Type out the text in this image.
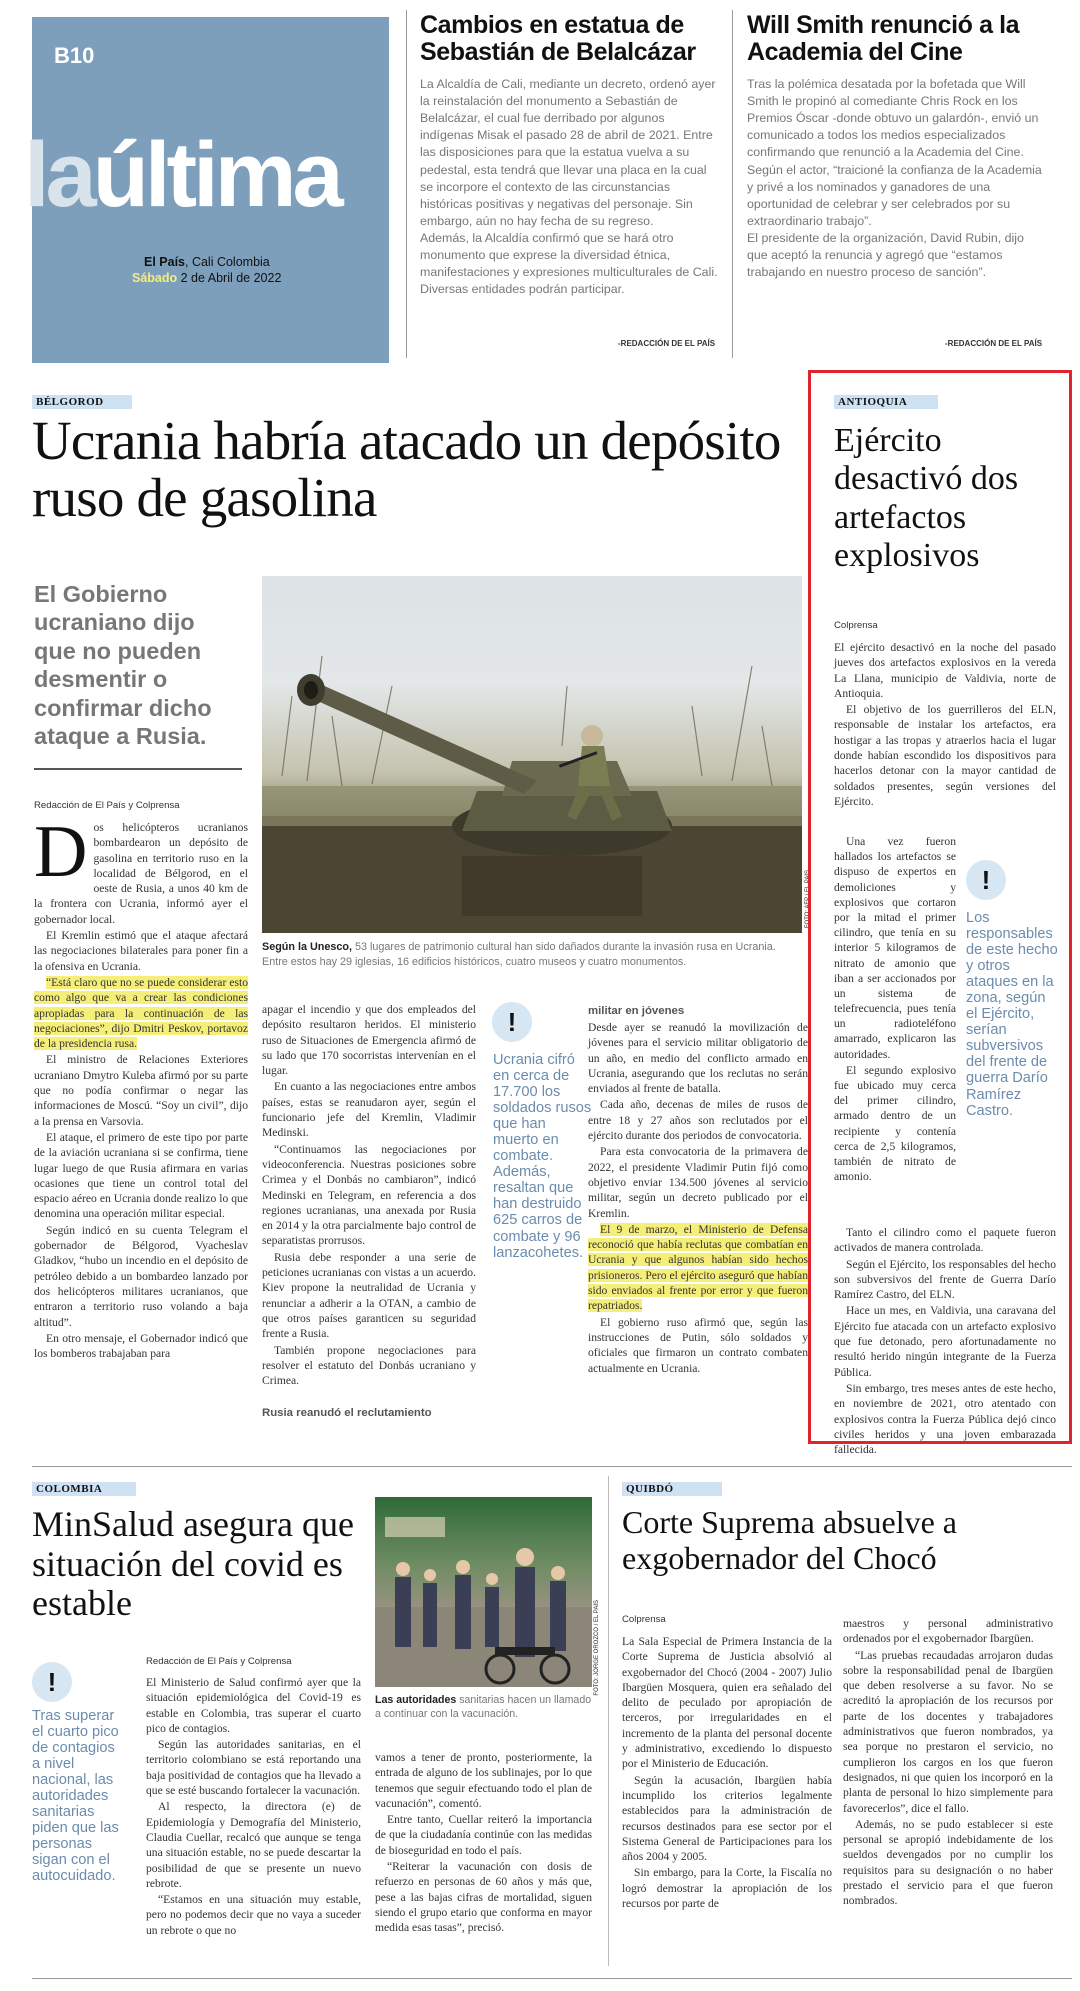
B10
laúltima
El País, Cali Colombia
Sábado 2 de Abril de 2022
Cambios en estatua de Sebastián de Belalcázar

La Alcaldía de Cali, mediante un decreto, ordenó ayer la reinstalación del monumento a Sebastián de Belalcázar, el cual fue derribado por algunos indígenas Misak el pasado 28 de abril de 2021. Entre las disposiciones para que la estatua vuelva a su pedestal, esta tendrá que llevar una placa en la cual se incorpore el contexto de las circunstancias históricas positivas y negativas del personaje. Sin embargo, aún no hay fecha de su regreso.

Además, la Alcaldía confirmó que se hará otro monumento que exprese la diversidad étnica, manifestaciones y expresiones multiculturales de Cali. Diversas entidades podrán participar.

-REDACCIÓN DE EL PAÍS
Will Smith renunció a la Academia del Cine

Tras la polémica desatada por la bofetada que Will Smith le propinó al comediante Chris Rock en los Premios Óscar -donde obtuvo un galardón-, envió un comunicado a todos los medios especializados confirmando que renunció a la Academia del Cine.

Según el actor, “traicioné la confianza de la Academia y privé a los nominados y ganadores de una oportunidad de celebrar y ser celebrados por su extraordinario trabajo”.

El presidente de la organización, David Rubin, dijo que aceptó la renuncia y agregó que “estamos trabajando en nuestro proceso de sanción”.

-REDACCIÓN DE EL PAÍS
BÉLGOROD
Ucrania habría atacado un depósito ruso de gasolina
El Gobierno ucraniano dijo que no pueden desmentir o confirmar dicho ataque a Rusia.
Redacción de El País y Colprensa
FOTO: AFP / EL PAÍS
Según la Unesco, 53 lugares de patrimonio cultural han sido dañados durante la invasión rusa en Ucrania. Entre estos hay 29 iglesias, 16 edificios históricos, cuatro museos y cuatro monumentos.
D os helicópteros ucranianos bombardearon un depósito de gasolina en territorio ruso en la localidad de Bélgorod, en el oeste de Rusia, a unos 40 km de la frontera con Ucrania, informó ayer el gobernador local.

El Kremlin estimó que el ataque afectará las negociaciones bilaterales para poner fin a la ofensiva en Ucrania.

“Está claro que no se puede considerar esto como algo que va a crear las condiciones apropiadas para la continuación de las negociaciones”, dijo Dmitri Peskov, portavoz de la presidencia rusa.

El ministro de Relaciones Exteriores ucraniano Dmytro Kuleba afirmó por su parte que no podía confirmar o negar las informaciones de Moscú. “Soy un civil”, dijo a la prensa en Varsovia.

El ataque, el primero de este tipo por parte de la aviación ucraniana si se confirma, tiene lugar luego de que Rusia afirmara en varias ocasiones que tiene un control total del espacio aéreo en Ucrania donde realizo lo que denomina una operación militar especial.

Según indicó en su cuenta Telegram el gobernador de Bélgorod, Vyacheslav Gladkov, “hubo un incendio en el depósito de petróleo debido a un bombardeo lanzado por dos helicópteros militares ucranianos, que entraron a territorio ruso volando a baja altitud”.

En otro mensaje, el Gobernador indicó que los bomberos trabajaban para

apagar el incendio y que dos empleados del depósito resultaron heridos. El ministerio ruso de Situaciones de Emergencia afirmó de su lado que 170 socorristas intervenían en el lugar.

En cuanto a las negociaciones entre ambos países, estas se reanudaron ayer, según el funcionario jefe del Kremlin, Vladimir Medinski.

“Continuamos las negociaciones por videoconferencia. Nuestras posiciones sobre Crimea y el Donbás no cambiaron”, indicó Medinski en Telegram, en referencia a dos regiones ucranianas, una anexada por Rusia en 2014 y la otra parcialmente bajo control de separatistas prorrusos.

Rusia debe responder a una serie de peticiones ucranianas con vistas a un acuerdo. Kiev propone la neutralidad de Ucrania y renunciar a adherir a la OTAN, a cambio de que otros países garanticen su seguridad frente a Rusia.

También propone negociaciones para resolver el estatuto del Donbás ucraniano y Crimea.

Rusia reanudó el reclutamiento
!
Ucrania cifró en cerca de 17.700 los soldados rusos que han muerto en combate. Además, resaltan que han destruido 625 carros de combate y 96 lanzacohetes.
militar en jóvenes

Desde ayer se reanudó la movilización de jóvenes para el servicio militar obligatorio de un año, en medio del conflicto armado en Ucrania, asegurando que los reclutas no serán enviados al frente de batalla.

Cada año, decenas de miles de rusos de entre 18 y 27 años son reclutados por el ejército durante dos periodos de convocatoria.

Para esta convocatoria de la primavera de 2022, el presidente Vladimir Putin fijó como objetivo enviar 134.500 jóvenes al servicio militar, según un decreto publicado por el Kremlin.

El 9 de marzo, el Ministerio de Defensa reconoció que había reclutas que combatían en Ucrania y que algunos habían sido hechos prisioneros. Pero el ejército aseguró que habían sido enviados al frente por error y que fueron repatriados.

El gobierno ruso afirmó que, según las instrucciones de Putin, sólo soldados y oficiales que firmaron un contrato combaten actualmente en Ucrania.

ANTIOQUIA
Ejército desactivó dos artefactos explosivos
Colprensa

El ejército desactivó en la noche del pasado jueves dos artefactos explosivos en la vereda La Llana, municipio de Valdivia, norte de Antioquia.

El objetivo de los guerrilleros del ELN, responsable de instalar los artefactos, era hostigar a las tropas y atraerlos hacia el lugar donde habían escondido los dispositivos para hacerlos detonar con la mayor cantidad de soldados presentes, según versiones del Ejército.

Una vez fueron hallados los artefactos se dispuso de expertos en demoliciones y explosivos que cortaron por la mitad el primer cilindro, que tenía en su interior 5 kilogramos de nitrato de amonio que iban a ser accionados por un sistema de telefrecuencia, pues tenía un radioteléfono amarrado, explicaron las autoridades.

El segundo explosivo fue ubicado muy cerca del primer cilindro, armado dentro de un recipiente y contenía cerca de 2,5 kilogramos, también de nitrato de amonio.

!
Los responsables de este hecho y otros ataques en la zona, según el Ejército, serían subversivos del frente de guerra Darío Ramírez Castro.

Tanto el cilindro como el paquete fueron activados de manera controlada.

Según el Ejército, los responsables del hecho son subversivos del frente de Guerra Darío Ramírez Castro, del ELN.

Hace un mes, en Valdivia, una caravana del Ejército fue atacada con un artefacto explosivo que fue detonado, pero afortunadamente no resultó herido ningún integrante de la Fuerza Pública.

Sin embargo, tres meses antes de este hecho, en noviembre de 2021, otro atentado con explosivos contra la Fuerza Pública dejó cinco civiles heridos y una joven embarazada fallecida.

COLOMBIA
MinSalud asegura que situación del covid es estable
Redacción de El País y Colprensa
!
Tras superar el cuarto pico de contagios a nivel nacional, las autoridades sanitarias piden que las personas sigan con el autocuidado.
FOTO: JORGE OROZCO / EL PAÍS
Las autoridades sanitarias hacen un llamado a continuar con la vacunación.

El Ministerio de Salud confirmó ayer que la situación epidemiológica del Covid-19 es estable en Colombia, tras superar el cuarto pico de contagios.

Según las autoridades sanitarias, en el territorio colombiano se está reportando una baja positividad de contagios que ha llevado a que se esté buscando fortalecer la vacunación.

Al respecto, la directora (e) de Epidemiología y Demografía del Ministerio, Claudia Cuellar, recalcó que aunque se tenga una situación estable, no se puede descartar la posibilidad de que se presente un nuevo rebrote.

“Estamos en una situación muy estable, pero no podemos decir que no vaya a suceder un rebrote o que no

vamos a tener de pronto, posteriormente, la entrada de alguno de los sublinajes, por lo que tenemos que seguir efectuando todo el plan de vacunación”, comentó.

Entre tanto, Cuellar reiteró la importancia de que la ciudadanía continúe con las medidas de bioseguridad en todo el país.

“Reiterar la vacunación con dosis de refuerzo en personas de 60 años y más que, pese a las bajas cifras de mortalidad, siguen siendo el grupo etario que conforma en mayor medida esas tasas”, precisó.

QUIBDÓ
Corte Suprema absuelve a exgobernador del Chocó
Colprensa

La Sala Especial de Primera Instancia de la Corte Suprema de Justicia absolvió al exgobernador del Chocó (2004 - 2007) Julio Ibargüen Mosquera, quien era señalado del delito de peculado por apropiación de terceros, por irregularidades en el incremento de la planta del personal docente y administrativo, excediendo lo dispuesto por el Ministerio de Educación.

Según la acusación, Ibargüen había incumplido los criterios legalmente establecidos para la administración de recursos destinados para ese sector por el Sistema General de Participaciones para los años 2004 y 2005.

Sin embargo, para la Corte, la Fiscalía no logró demostrar la apropiación de los recursos por parte de

maestros y personal administrativo ordenados por el exgobernador Ibargüen.

“Las pruebas recaudadas arrojaron dudas sobre la responsabilidad penal de Ibargüen que deben resolverse a su favor. No se acreditó la apropiación de los recursos por parte de los docentes y trabajadores administrativos que fueron nombrados, ya sea porque no prestaron el servicio, no cumplieron los cargos en los que fueron designados, ni que quien los incorporó en la planta de personal lo hizo simplemente para favorecerlos”, dice el fallo.

Además, no se pudo establecer si este personal se apropió indebidamente de los sueldos devengados por no cumplir los requisitos para su designación o no haber prestado el servicio para el que fueron nombrados.
